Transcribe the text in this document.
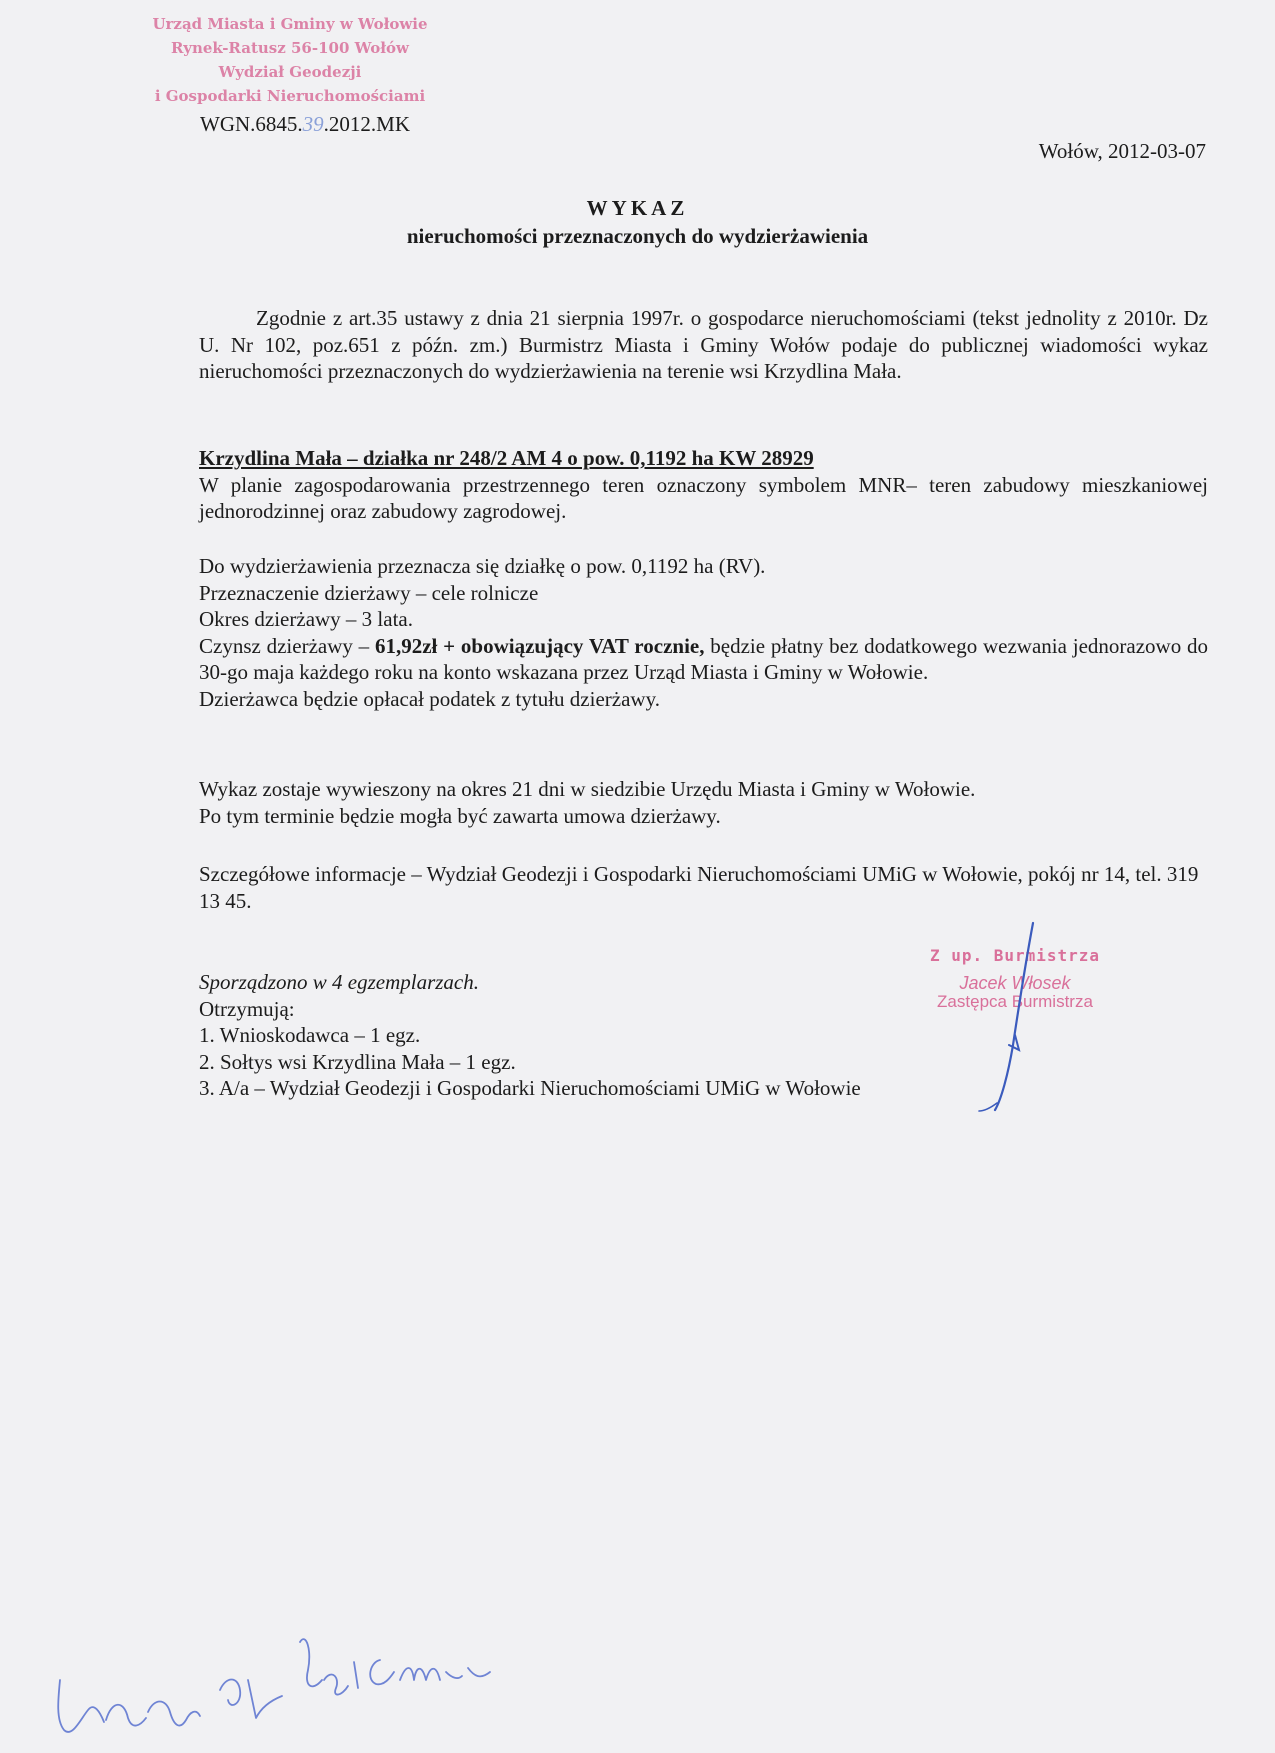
Urząd Miasta i Gminy w Wołowie
Rynek-Ratusz 56-100 Wołów
Wydział Geodezji
i Gospodarki Nieruchomościami
WGN.6845.39.2012.MK
Wołów, 2012-03-07
WYKAZ
nieruchomości przeznaczonych do wydzierżawienia
Zgodnie z art.35 ustawy z dnia 21 sierpnia 1997r. o gospodarce nieruchomościami (tekst jednolity z 2010r. Dz U. Nr 102, poz.651 z późn. zm.) Burmistrz Miasta i Gminy Wołów podaje do publicznej wiadomości wykaz nieruchomości przeznaczonych do wydzierżawienia na terenie wsi Krzydlina Mała.
Krzydlina Mała – działka nr 248/2 AM 4 o pow. 0,1192 ha KW 28929
W planie zagospodarowania przestrzennego teren oznaczony symbolem MNR– teren zabudowy mieszkaniowej jednorodzinnej oraz zabudowy zagrodowej.
Do wydzierżawienia przeznacza się działkę o pow. 0,1192 ha (RV).
Przeznaczenie dzierżawy – cele rolnicze
Okres dzierżawy – 3 lata.
Czynsz dzierżawy – 61,92zł + obowiązujący VAT rocznie, będzie płatny bez dodatkowego wezwania jednorazowo do 30-go maja każdego roku na konto wskazana przez Urząd Miasta i Gminy w Wołowie.
Dzierżawca będzie opłacał podatek z tytułu dzierżawy.
Wykaz zostaje wywieszony na okres 21 dni w siedzibie Urzędu Miasta i Gminy w Wołowie.
Po tym terminie będzie mogła być zawarta umowa dzierżawy.
Szczegółowe informacje – Wydział Geodezji i Gospodarki Nieruchomościami UMiG w Wołowie, pokój nr 14, tel. 319 13 45.
Sporządzono w 4 egzemplarzach.
Otrzymują:
1. Wnioskodawca – 1 egz.
2. Sołtys wsi Krzydlina Mała – 1 egz.
3. A/a – Wydział Geodezji i Gospodarki Nieruchomościami UMiG w Wołowie
Z up. Burmistrza
Jacek Włosek
Zastępca Burmistrza
